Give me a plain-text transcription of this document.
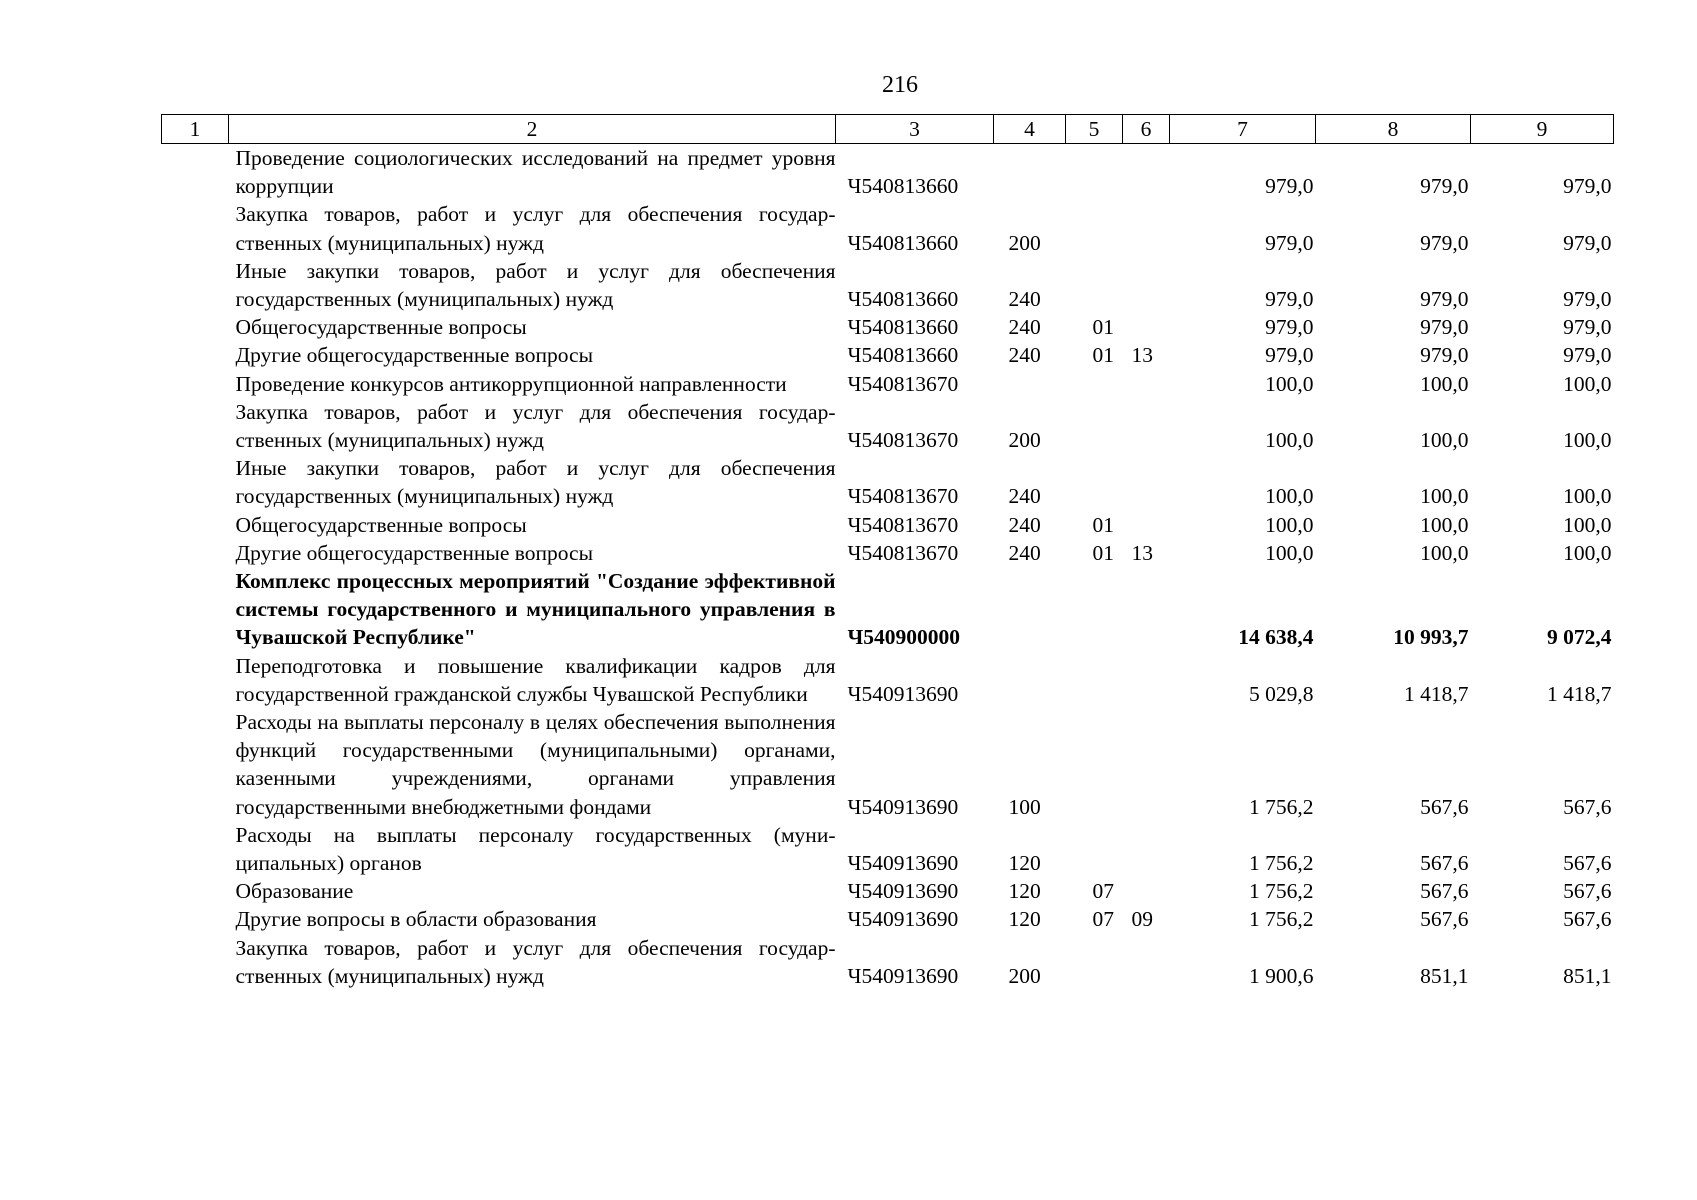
216
1	2	3	4	5	6	7	8	9
	Проведение социологических исследований на предмет уровня коррупции	Ч540813660				979,0	979,0	979,0
	Закупка товаров, работ и услуг для обеспечения государственных (муниципальных) нужд	Ч540813660	200			979,0	979,0	979,0
	Иные закупки товаров, работ и услуг для обеспечения государственных (муниципальных) нужд	Ч540813660	240			979,0	979,0	979,0
	Общегосударственные вопросы	Ч540813660	240	01		979,0	979,0	979,0
	Другие общегосударственные вопросы	Ч540813660	240	01	13	979,0	979,0	979,0
	Проведение конкурсов антикоррупционной направленности	Ч540813670				100,0	100,0	100,0
	Закупка товаров, работ и услуг для обеспечения государственных (муниципальных) нужд	Ч540813670	200			100,0	100,0	100,0
	Иные закупки товаров, работ и услуг для обеспечения государственных (муниципальных) нужд	Ч540813670	240			100,0	100,0	100,0
	Общегосударственные вопросы	Ч540813670	240	01		100,0	100,0	100,0
	Другие общегосударственные вопросы	Ч540813670	240	01	13	100,0	100,0	100,0
	Комплекс процессных мероприятий "Создание эффективной системы государственного и муниципального управления в Чувашской Республике"	Ч540900000				14 638,4	10 993,7	9 072,4
	Переподготовка и повышение квалификации кадров для государственной гражданской службы Чувашской Республики	Ч540913690				5 029,8	1 418,7	1 418,7
	Расходы на выплаты персоналу в целях обеспечения выполнения функций государственными (муниципальными) органами, казенными учреждениями, органами управления государственными внебюджетными фондами	Ч540913690	100			1 756,2	567,6	567,6
	Расходы на выплаты персоналу государственных (муниципальных) органов	Ч540913690	120			1 756,2	567,6	567,6
	Образование	Ч540913690	120	07		1 756,2	567,6	567,6
	Другие вопросы в области образования	Ч540913690	120	07	09	1 756,2	567,6	567,6
	Закупка товаров, работ и услуг для обеспечения государственных (муниципальных) нужд	Ч540913690	200			1 900,6	851,1	851,1
